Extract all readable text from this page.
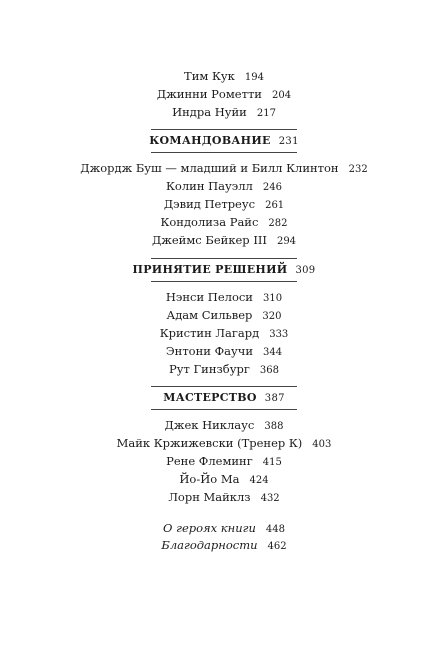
Тим Кук 194
Джинни Рометти 204
Индра Нуйи 217
КОМАНДОВАНИЕ 231
Джордж Буш — младший и Билл Клинтон 232
Колин Пауэлл 246
Дэвид Петреус 261
Кондолиза Райс 282
Джеймс Бейкер III 294
ПРИНЯТИЕ РЕШЕНИЙ 309
Нэнси Пелоси 310
Адам Сильвер 320
Кристин Лагард 333
Энтони Фаучи 344
Рут Гинзбург 368
МАСТЕРСТВО 387
Джек Никлаус 388
Майк Кржижевски (Тренер К) 403
Рене Флеминг 415
Йо-Йо Ма 424
Лорн Майклз 432
О героях книги 448
Благодарности 462
